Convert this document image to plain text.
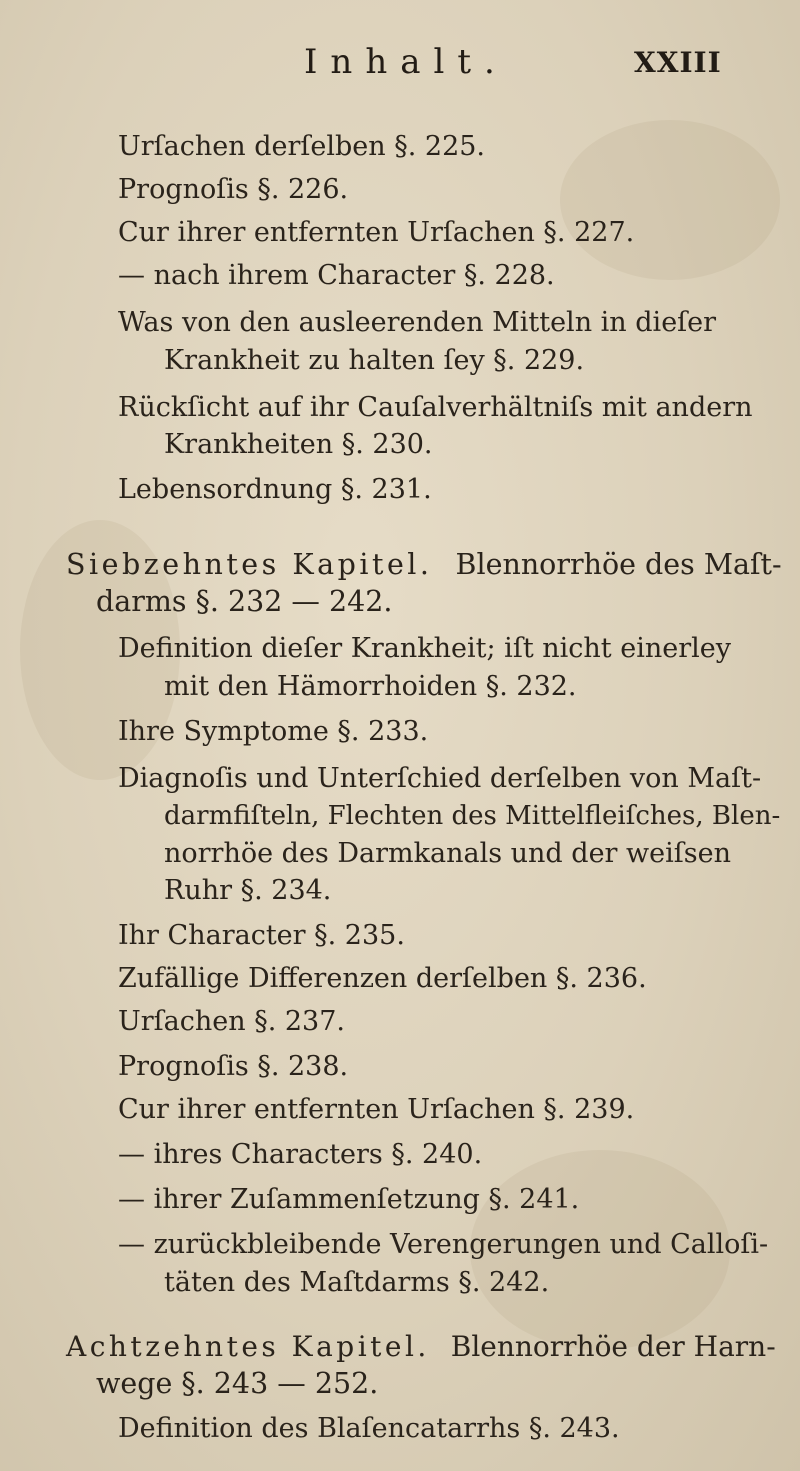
Inhalt.	XXIII
Urſachen derſelben §. 225.
Prognoſis §. 226.
Cur ihrer entfernten Urſachen §. 227.
— nach ihrem Character §. 228.
Was von den ausleerenden Mitteln in dieſer
Krankheit zu halten ſey §. 229.
Rückſicht auf ihr Cauſalverhältniſs mit andern
Krankheiten §. 230.
Lebensordnung §. 231.
Siebzehntes Kapitel. Blennorrhöe des Maſt-
darms §. 232 — 242.
Definition dieſer Krankheit; iſt nicht einerley
mit den Hämorrhoiden §. 232.
Ihre Symptome §. 233.
Diagnoſis und Unterſchied derſelben von Maſt-
darmfiſteln, Flechten des Mittelfleiſches, Blen-
norrhöe des Darmkanals und der weiſsen
Ruhr §. 234.
Ihr Character §. 235.
Zufällige Differenzen derſelben §. 236.
Urſachen §. 237.
Prognoſis §. 238.
Cur ihrer entfernten Urſachen §. 239.
— ihres Characters §. 240.
— ihrer Zuſammenſetzung §. 241.
— zurückbleibende Verengerungen und Calloſi-
täten des Maſtdarms §. 242.
Achtzehntes Kapitel. Blennorrhöe der Harn-
wege §. 243 — 252.
Definition des Blaſencatarrhs §. 243.
